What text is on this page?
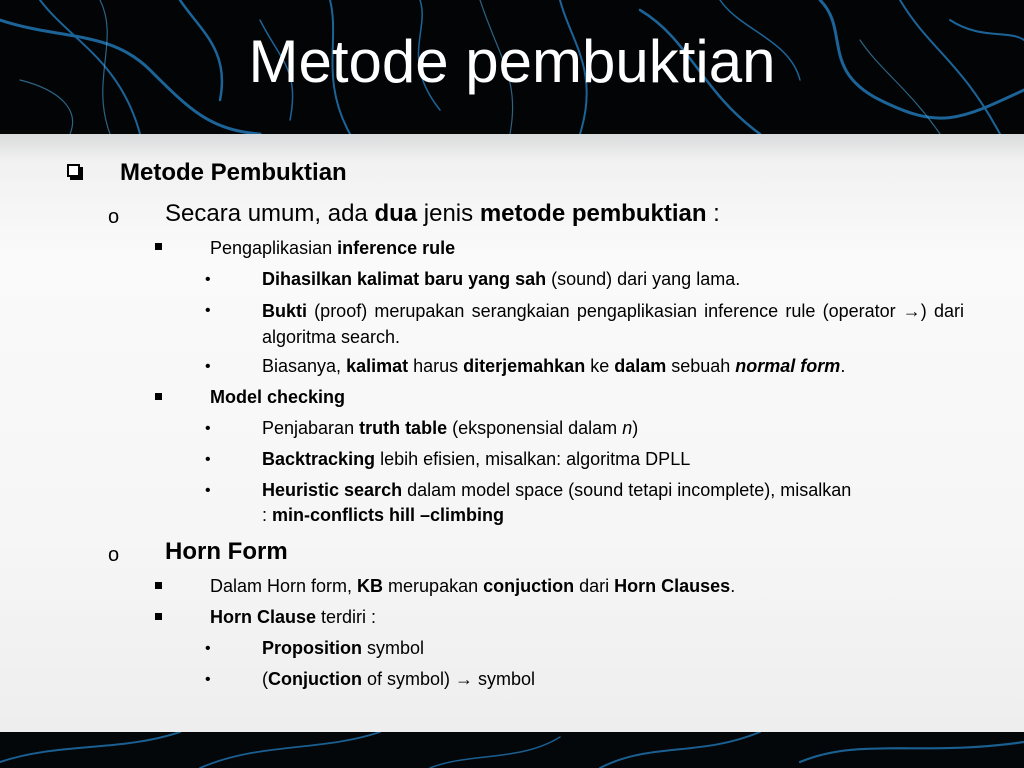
Metode pembuktian
Metode Pembuktian
o Secara umum, ada dua jenis metode pembuktian :
Pengaplikasian inference rule
•	Dihasilkan kalimat baru yang sah (sound) dari yang lama.
•	Bukti (proof) merupakan serangkaian pengaplikasian inference rule (operator →) dari algoritma search.
•	Biasanya, kalimat harus diterjemahkan ke dalam sebuah normal form.
Model checking
•	Penjabaran truth table (eksponensial dalam n)
•	Backtracking lebih efisien, misalkan: algoritma DPLL
•	Heuristic search dalam model space (sound tetapi incomplete), misalkan
: min-conflicts hill –climbing
o Horn Form
Dalam Horn form, KB merupakan conjuction dari Horn Clauses.
Horn Clause terdiri :
•	Proposition symbol
•	(Conjuction of symbol) → symbol
